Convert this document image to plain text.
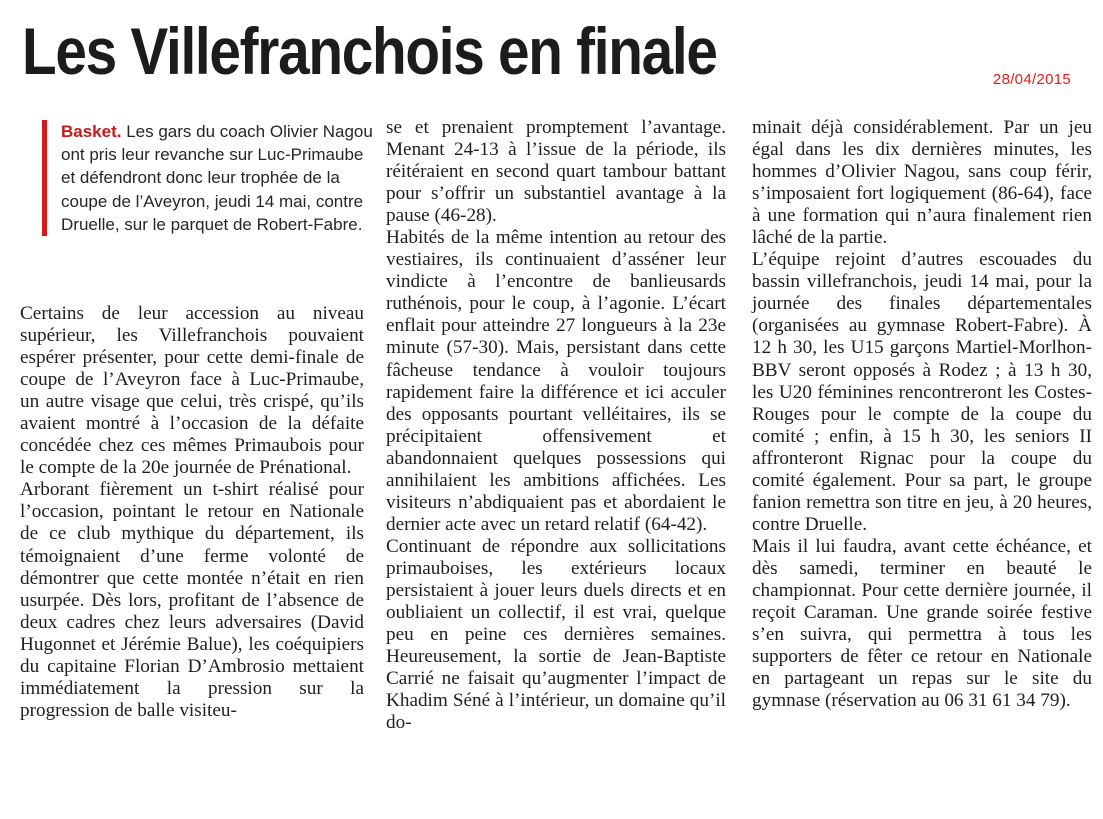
Les Villefranchois en finale	28/04/2015
Basket. Les gars du coach Olivier Nagou ont pris leur revanche sur Luc-Primaube et défendront donc leur trophée de la coupe de l’Aveyron, jeudi 14 mai, contre Druelle, sur le parquet de Robert-Fabre.

Certains de leur accession au niveau supérieur, les Villefranchois pouvaient espérer présenter, pour cette demi-finale de coupe de l’Aveyron face à Luc-Primaube, un autre visage que celui, très crispé, qu’ils avaient montré à l’occasion de la défaite concédée chez ces mêmes Primaubois pour le compte de la 20e journée de Prénational.

Arborant fièrement un t-shirt réalisé pour l’occasion, pointant le retour en Nationale de ce club mythique du département, ils témoignaient d’une ferme volonté de démontrer que cette montée n’était en rien usurpée. Dès lors, profitant de l’absence de deux cadres chez leurs adversaires (David Hugonnet et Jérémie Balue), les coéquipiers du capitaine Florian D’Ambrosio mettaient immédiatement la pression sur la progression de balle visiteu-

se et prenaient promptement l’avantage. Menant 24-13 à l’issue de la période, ils réitéraient en second quart tambour battant pour s’offrir un substantiel avantage à la pause (46-28).

Habités de la même intention au retour des vestiaires, ils continuaient d’asséner leur vindicte à l’encontre de banlieusards ruthénois, pour le coup, à l’agonie. L’écart enflait pour atteindre 27 longueurs à la 23e minute (57-30). Mais, persistant dans cette fâcheuse tendance à vouloir toujours rapidement faire la différence et ici acculer des opposants pourtant velléitaires, ils se précipitaient offensivement et abandonnaient quelques possessions qui annihilaient les ambitions affichées. Les visiteurs n’abdiquaient pas et abordaient le dernier acte avec un retard relatif (64-42).

Continuant de répondre aux sollicitations primauboises, les extérieurs locaux persistaient à jouer leurs duels directs et en oubliaient un collectif, il est vrai, quelque peu en peine ces dernières semaines. Heureusement, la sortie de Jean-Baptiste Carrié ne faisait qu’augmenter l’impact de Khadim Séné à l’intérieur, un domaine qu’il do-

minait déjà considérablement. Par un jeu égal dans les dix dernières minutes, les hommes d’Olivier Nagou, sans coup férir, s’imposaient fort logiquement (86-64), face à une formation qui n’aura finalement rien lâché de la partie.

L’équipe rejoint d’autres escouades du bassin villefranchois, jeudi 14 mai, pour la journée des finales départementales (organisées au gymnase Robert-Fabre). À 12 h 30, les U15 garçons Martiel-Morlhon-BBV seront opposés à Rodez ; à 13 h 30, les U20 féminines rencontreront les Costes-Rouges pour le compte de la coupe du comité ; enfin, à 15 h 30, les seniors II affronteront Rignac pour la coupe du comité également. Pour sa part, le groupe fanion remettra son titre en jeu, à 20 heures, contre Druelle.

Mais il lui faudra, avant cette échéance, et dès samedi, terminer en beauté le championnat. Pour cette dernière journée, il reçoit Caraman. Une grande soirée festive s’en suivra, qui permettra à tous les supporters de fêter ce retour en Nationale en partageant un repas sur le site du gymnase (réservation au 06 31 61 34 79).
